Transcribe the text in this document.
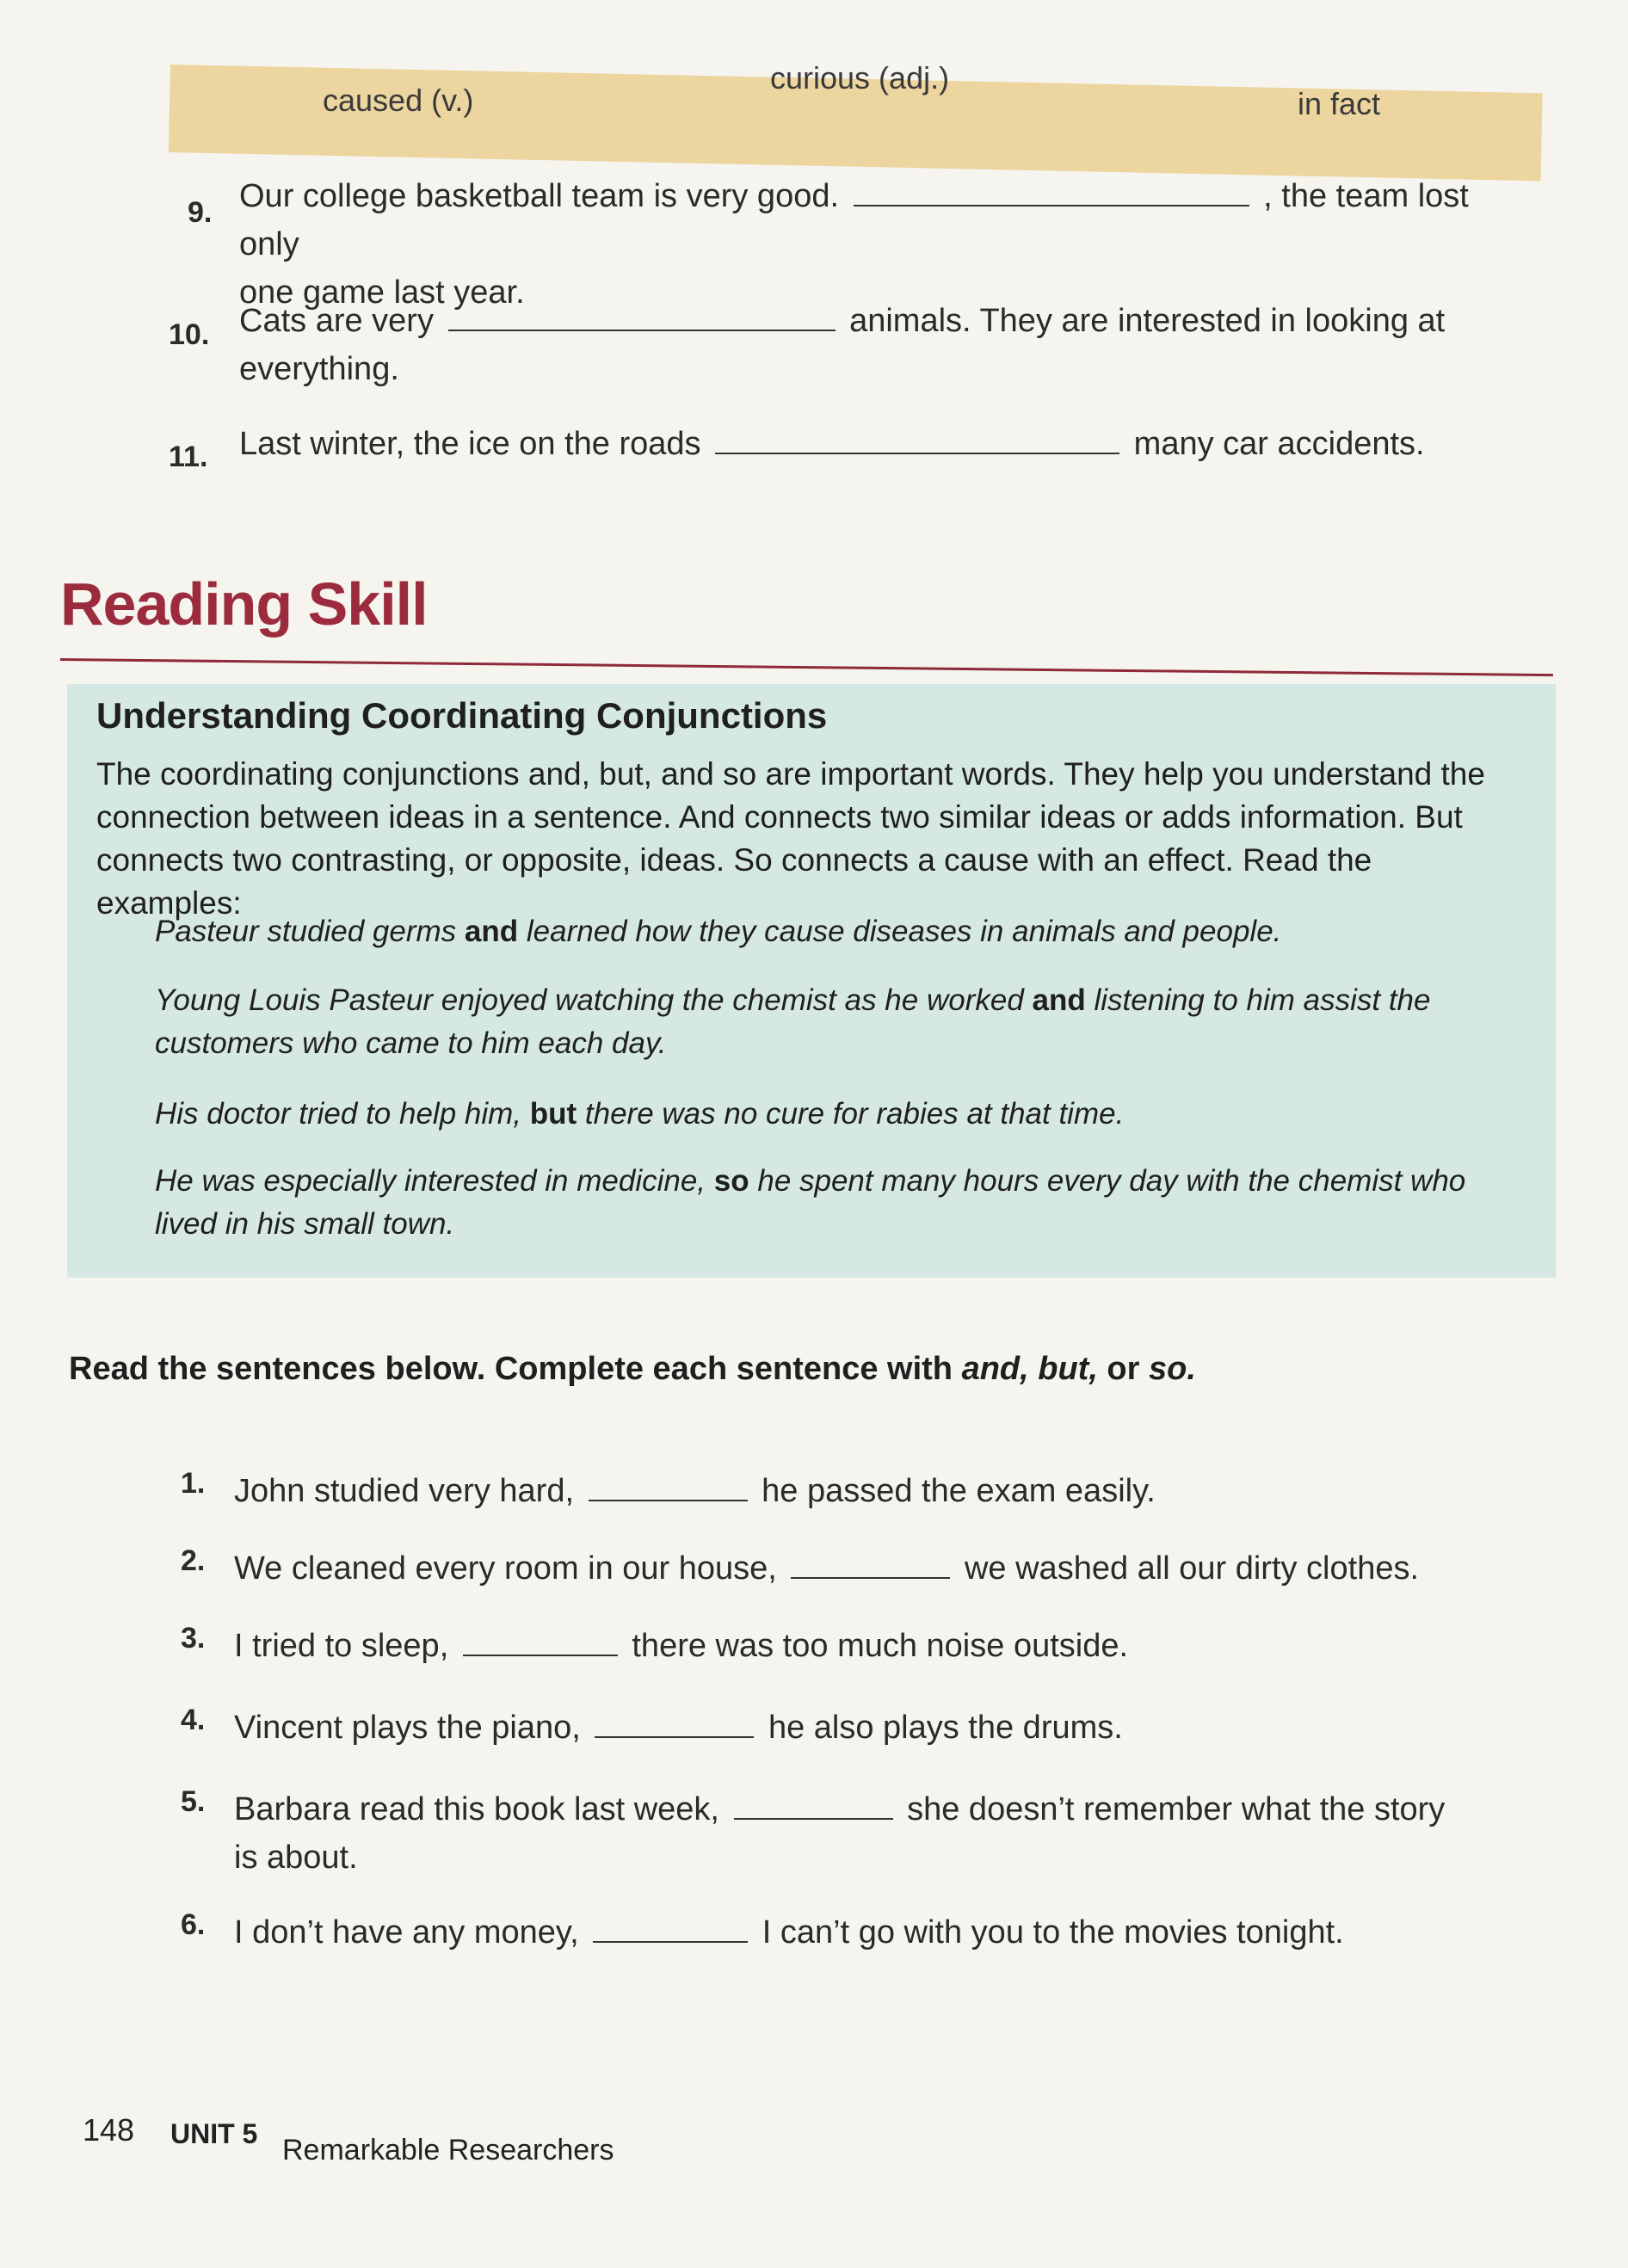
caused (v.)
curious (adj.)
in fact
9. Our college basketball team is very good.	, the team lost only
one game last year.
10. Cats are very	animals. They are interested in looking at
everything.
11. Last winter, the ice on the roads	many car accidents.
Reading Skill
Understanding Coordinating Conjunctions
The coordinating conjunctions and, but, and so are important words. They help you understand the connection between ideas in a sentence. And connects two similar ideas or adds information. But connects two contrasting, or opposite, ideas. So connects a cause with an effect. Read the examples:
Pasteur studied germs and learned how they cause diseases in animals and people.
Young Louis Pasteur enjoyed watching the chemist as he worked and listening to him assist the customers who came to him each day.
His doctor tried to help him, but there was no cure for rabies at that time.
He was especially interested in medicine, so he spent many hours every day with the chemist who lived in his small town.
Read the sentences below. Complete each sentence with and, but, or so.
1. John studied very hard,	he passed the exam easily.
2. We cleaned every room in our house,	we washed all our dirty clothes.
3. I tried to sleep,	there was too much noise outside.
4. Vincent plays the piano,	he also plays the drums.
5. Barbara read this book last week,	she doesn’t remember what the story
is about.
6. I don’t have any money,	I can’t go with you to the movies tonight.
148 UNIT 5 Remarkable Researchers
